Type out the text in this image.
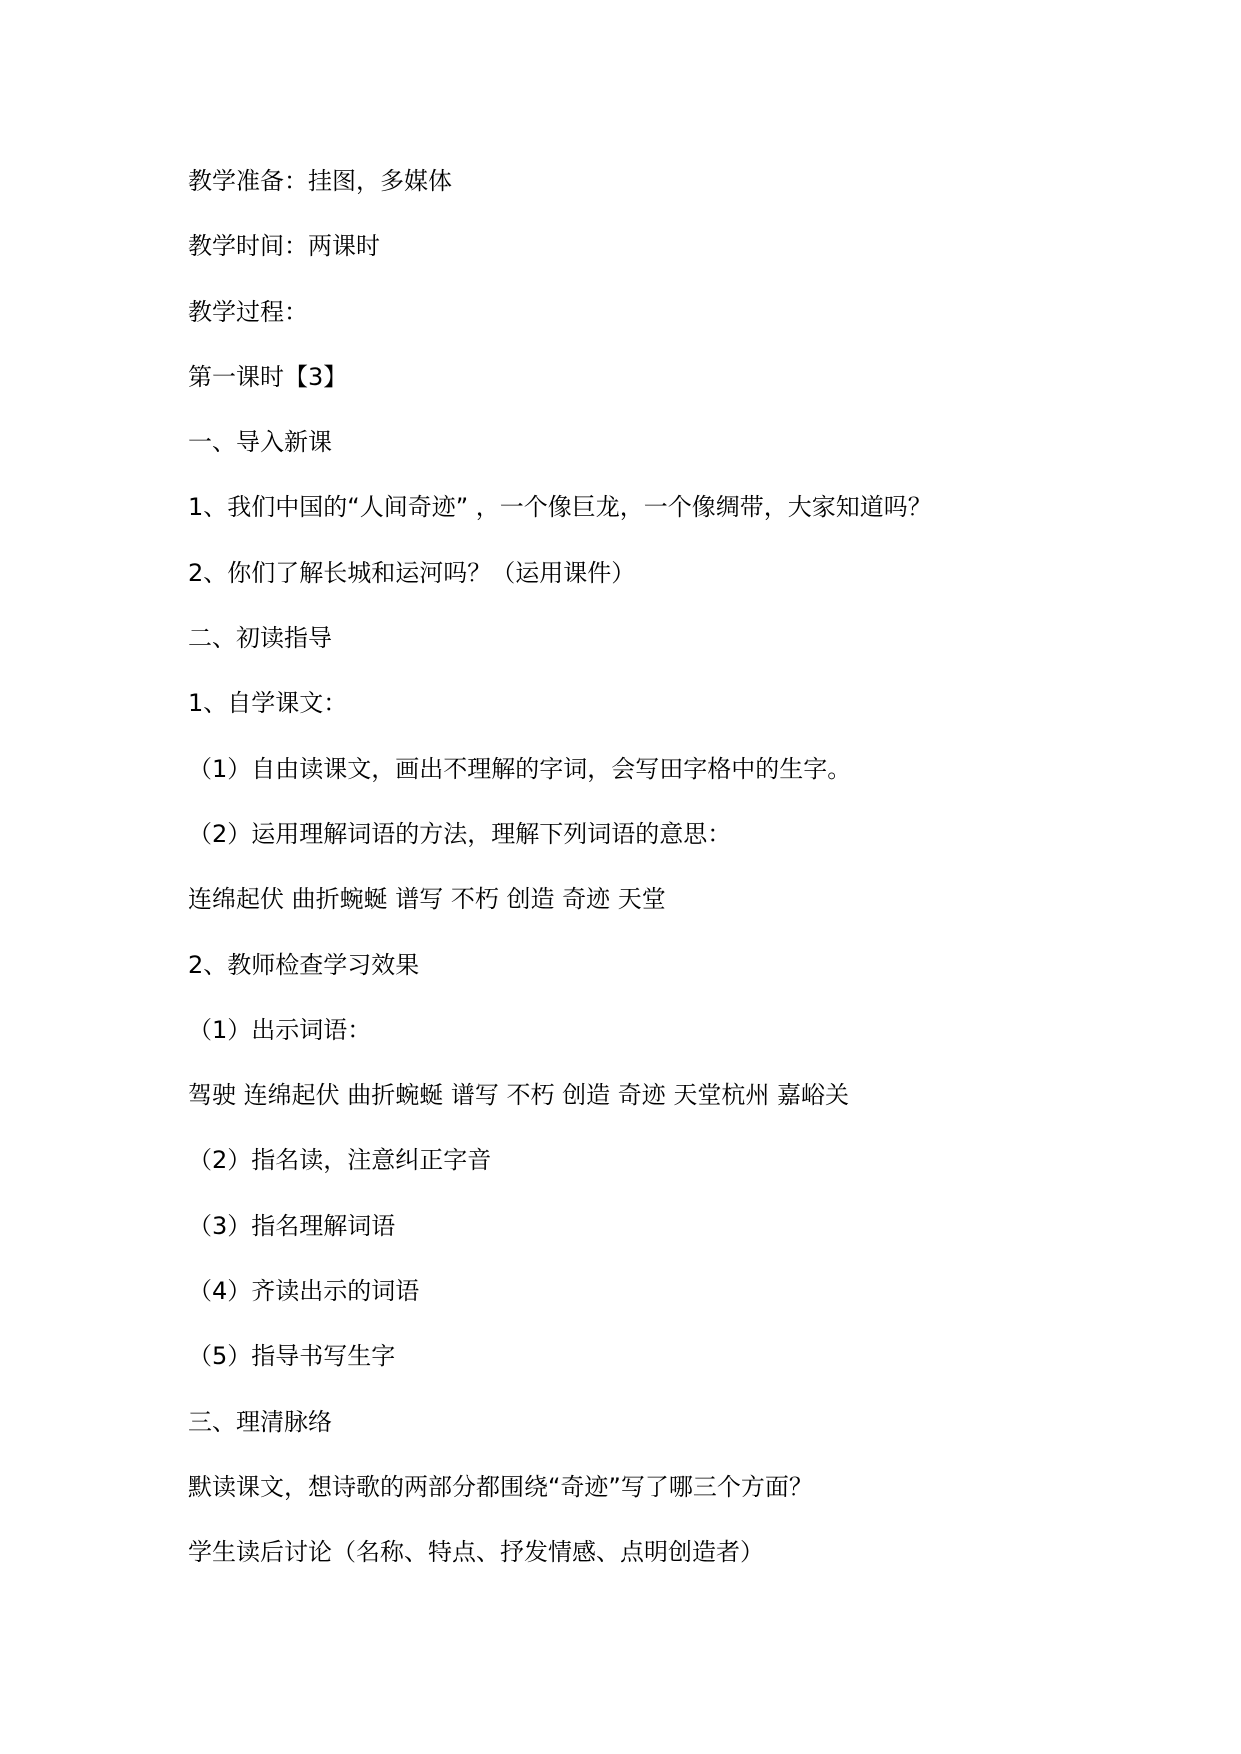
教学准备：挂图，多媒体

教学时间：两课时

教学过程：

第一课时【3】

一、导入新课

1、我们中国的“人间奇迹” ，一个像巨龙，一个像绸带，大家知道吗？

2、你们了解长城和运河吗？（运用课件）

二、初读指导

1、自学课文：

（1）自由读课文，画出不理解的字词，会写田字格中的生字。

（2）运用理解词语的方法，理解下列词语的意思：

连绵起伏 曲折蜿蜒 谱写 不朽 创造 奇迹 天堂

2、教师检查学习效果

（1）出示词语：

驾驶 连绵起伏 曲折蜿蜒 谱写 不朽 创造 奇迹 天堂杭州 嘉峪关

（2）指名读，注意纠正字音

（3）指名理解词语

（4）齐读出示的词语

（5）指导书写生字

三、理清脉络

默读课文，想诗歌的两部分都围绕“奇迹”写了哪三个方面？

学生读后讨论（名称、特点、抒发情感、点明创造者）
